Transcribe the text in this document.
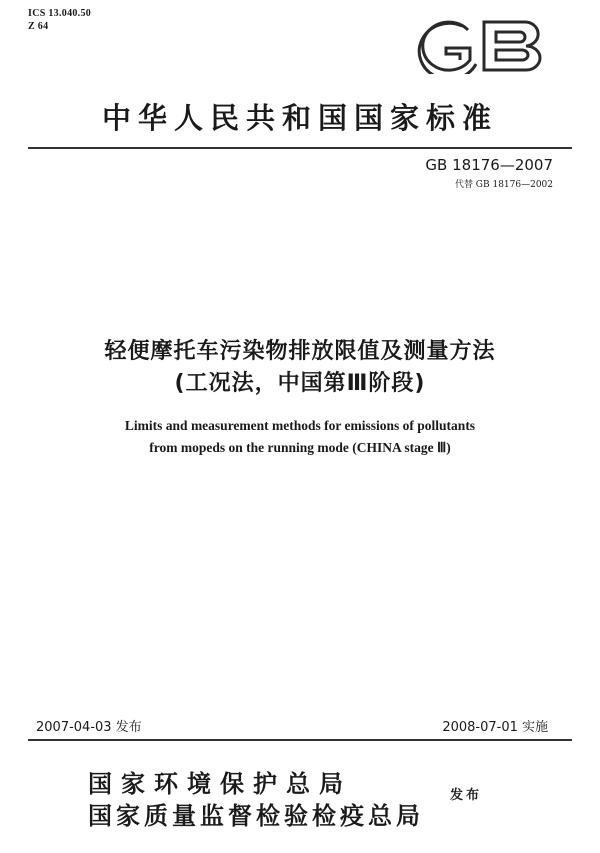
ICS 13.040.50
Z 64
中华人民共和国国家标准
GB 18176—2007
代替 GB 18176—2002
轻便摩托车污染物排放限值及测量方法
(工况法，中国第Ⅲ阶段)
Limits and measurement methods for emissions of pollutants
from mopeds on the running mode (CHINA stage Ⅲ)
2007-04-03 发布	2008-07-01 实施
国家环境保护总局
国家质量监督检验检疫总局
发布
